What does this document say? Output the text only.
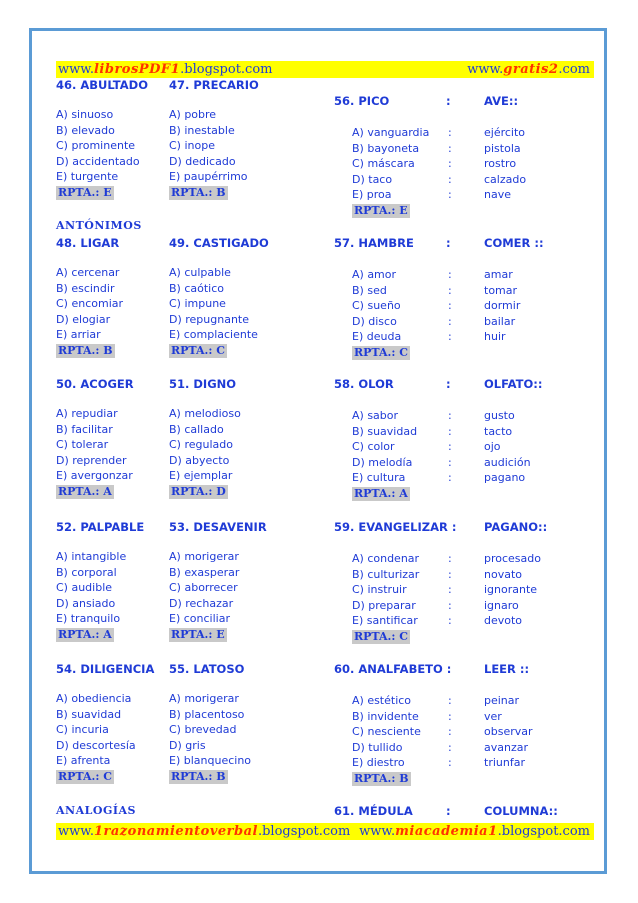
www.librosPDF1.blogspot.com	www.gratis2.com
www.1razonamientoverbal.blogspot.com www.miacademia1.blogspot.com
46. ABULTADO
A) sinuoso
B) elevado
C) prominente
D) accidentado
E) turgente
RPTA.: E
47. PRECARIO
A) pobre
B) inestable
C) inope
D) dedicado
E) paupérrimo
RPTA.: B
ANTÓNIMOS
48. LIGAR
A) cercenar
B) escindir
C) encomiar
D) elogiar
E) arriar
RPTA.: B
49. CASTIGADO
A) culpable
B) caótico
C) impune
D) repugnante
E) complaciente
RPTA.: C
50. ACOGER
A) repudiar
B) facilitar
C) tolerar
D) reprender
E) avergonzar
RPTA.: A
51. DIGNO
A) melodioso
B) callado
C) regulado
D) abyecto
E) ejemplar
RPTA.: D
52. PALPABLE
A) intangible
B) corporal
C) audible
D) ansiado
E) tranquilo
RPTA.: A
53. DESAVENIR
A) morigerar
B) exasperar
C) aborrecer
D) rechazar
E) conciliar
RPTA.: E
54. DILIGENCIA
A) obediencia
B) suavidad
C) incuria
D) descortesía
E) afrenta
RPTA.: C
55. LATOSO
A) morigerar
B) placentoso
C) brevedad
D) gris
E) blanquecino
RPTA.: B
ANALOGÍAS
56. PICO	:	AVE::
A) vanguardia :	ejército
B) bayoneta	:	pistola
C) máscara	:	rostro
D) taco	:	calzado
E) proa	:	nave
RPTA.: E
57. HAMBRE	:	COMER ::
A) amor	:	amar
B) sed	:	tomar
C) sueño	:	dormir
D) disco	:	bailar
E) deuda	:	huir
RPTA.: C
58. OLOR	:	OLFATO::
A) sabor	:	gusto
B) suavidad	:	tacto
C) color	:	ojo
D) melodía	:	audición
E) cultura	:	pagano
RPTA.: A
59. EVANGELIZAR : PAGANO::
A) condenar	:	procesado
B) culturizar	:	novato
C) instruir	:	ignorante
D) preparar	:	ignaro
E) santificar	:	devoto
RPTA.: C
60. ANALFABETO :	LEER ::
A) estético	:	peinar
B) invidente	:	ver
C) nesciente :	observar
D) tullido	:	avanzar
E) diestro	:	triunfar
RPTA.: B
61. MÉDULA	:	COLUMNA::
